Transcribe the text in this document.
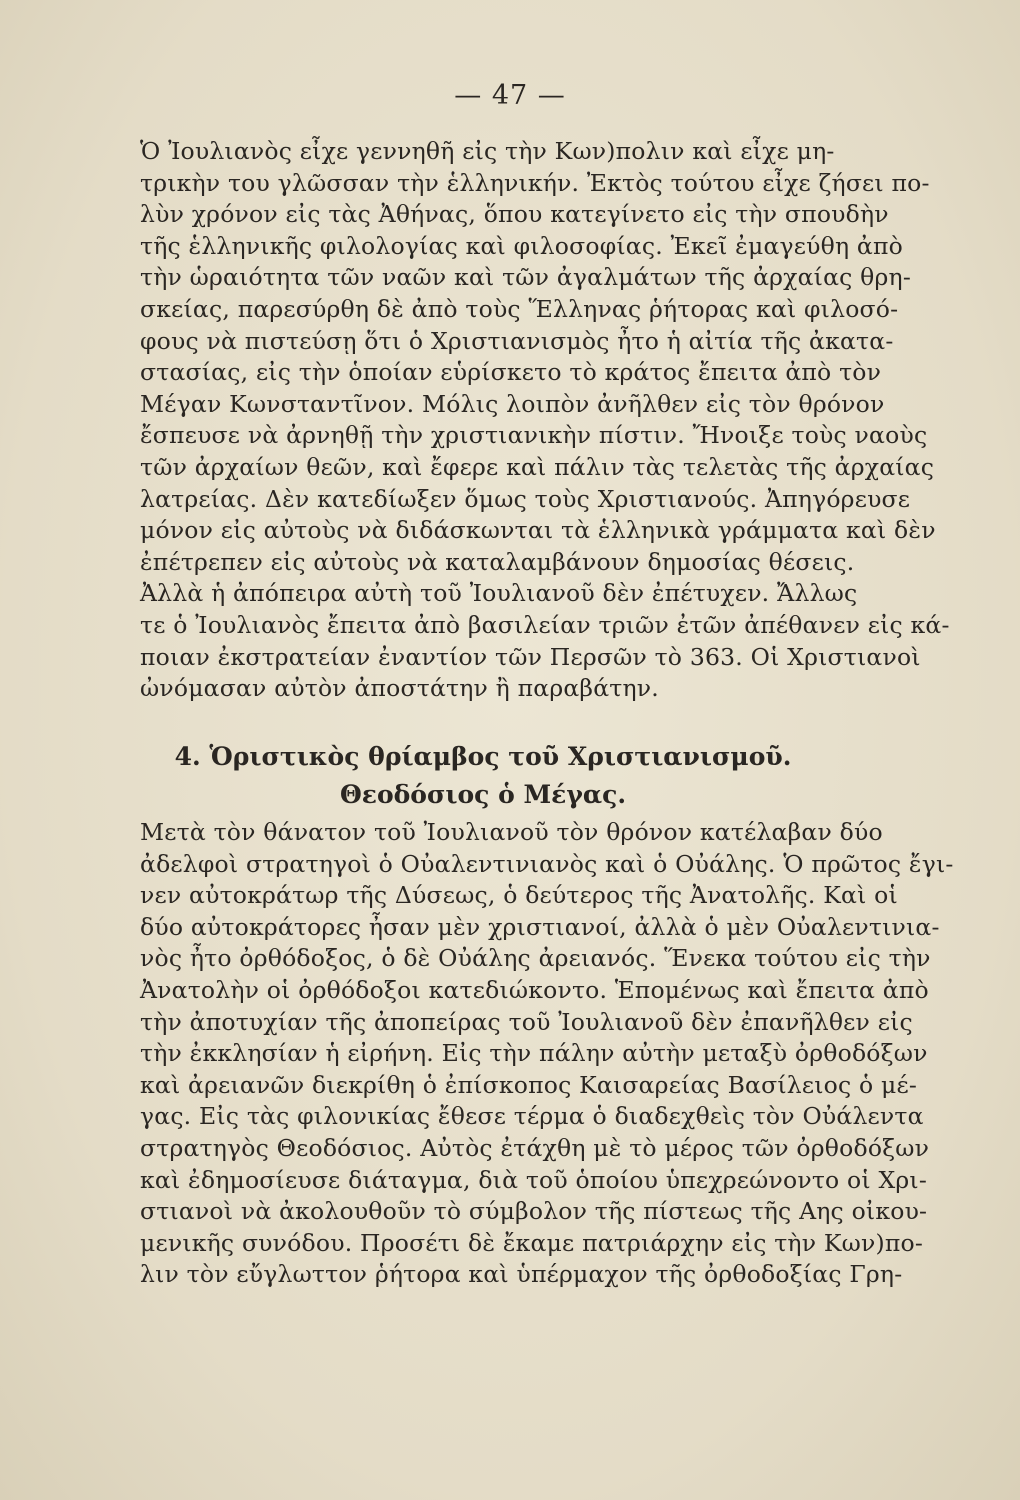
— 47 —
Ὁ Ἰουλιανὸς εἶχε γεννηθῆ εἰς τὴν Κων)πολιν καὶ εἶχε μη-
τρικὴν του γλῶσσαν τὴν ἑλληνικήν. Ἐκτὸς τούτου εἶχε ζήσει πο-
λὺν χρόνον εἰς τὰς Ἀθήνας, ὅπου κατεγίνετο εἰς τὴν σπουδὴν
τῆς ἑλληνικῆς φιλολογίας καὶ φιλοσοφίας. Ἐκεῖ ἐμαγεύθη ἀπὸ
τὴν ὡραιότητα τῶν ναῶν καὶ τῶν ἀγαλμάτων τῆς ἀρχαίας θρη-
σκείας, παρεσύρθη δὲ ἀπὸ τοὺς Ἕλληνας ῥήτορας καὶ φιλοσό-
φους νὰ πιστεύσῃ ὅτι ὁ Χριστιανισμὸς ἦτο ἡ αἰτία τῆς ἀκατα-
στασίας, εἰς τὴν ὁποίαν εὑρίσκετο τὸ κράτος ἔπειτα ἀπὸ τὸν
Μέγαν Κωνσταντῖνον. Μόλις λοιπὸν ἀνῆλθεν εἰς τὸν θρόνον
ἔσπευσε νὰ ἀρνηθῇ τὴν χριστιανικὴν πίστιν. Ἤνοιξε τοὺς ναοὺς
τῶν ἀρχαίων θεῶν, καὶ ἔφερε καὶ πάλιν τὰς τελετὰς τῆς ἀρχαίας
λατρείας. Δὲν κατεδίωξεν ὅμως τοὺς Χριστιανούς. Ἀπηγόρευσε
μόνον εἰς αὐτοὺς νὰ διδάσκωνται τὰ ἑλληνικὰ γράμματα καὶ δὲν
ἐπέτρεπεν εἰς αὐτοὺς νὰ καταλαμβάνουν δημοσίας θέσεις.
Ἀλλὰ ἡ ἀπόπειρα αὐτὴ τοῦ Ἰουλιανοῦ δὲν ἐπέτυχεν. Ἄλλως
τε ὁ Ἰουλιανὸς ἔπειτα ἀπὸ βασιλείαν τριῶν ἐτῶν ἀπέθανεν εἰς κά-
ποιαν ἐκστρατείαν ἐναντίον τῶν Περσῶν τὸ 363. Οἱ Χριστιανοὶ
ὠνόμασαν αὐτὸν ἀποστάτην ἢ παραβάτην.
4. Ὁριστικὸς θρίαμβος τοῦ Χριστιανισμοῦ.
Θεοδόσιος ὁ Μέγας.
Μετὰ τὸν θάνατον τοῦ Ἰουλιανοῦ τὸν θρόνον κατέλαβαν δύο
ἀδελφοὶ στρατηγοὶ ὁ Οὐαλεντινιανὸς καὶ ὁ Οὐάλης. Ὁ πρῶτος ἔγι-
νεν αὐτοκράτωρ τῆς Δύσεως, ὁ δεύτερος τῆς Ἀνατολῆς. Καὶ οἱ
δύο αὐτοκράτορες ἦσαν μὲν χριστιανοί, ἀλλὰ ὁ μὲν Οὐαλεντινια-
νὸς ἦτο ὀρθόδοξος, ὁ δὲ Οὐάλης ἀρειανός. Ἕνεκα τούτου εἰς τὴν
Ἀνατολὴν οἱ ὀρθόδοξοι κατεδιώκοντο. Ἑπομένως καὶ ἔπειτα ἀπὸ
τὴν ἀποτυχίαν τῆς ἀποπείρας τοῦ Ἰουλιανοῦ δὲν ἐπανῆλθεν εἰς
τὴν ἐκκλησίαν ἡ εἰρήνη. Εἰς τὴν πάλην αὐτὴν μεταξὺ ὀρθοδόξων
καὶ ἀρειανῶν διεκρίθη ὁ ἐπίσκοπος Καισαρείας Βασίλειος ὁ μέ-
γας. Εἰς τὰς φιλονικίας ἔθεσε τέρμα ὁ διαδεχθεὶς τὸν Οὐάλεντα
στρατηγὸς Θεοδόσιος. Αὐτὸς ἐτάχθη μὲ τὸ μέρος τῶν ὀρθοδόξων
καὶ ἐδημοσίευσε διάταγμα, διὰ τοῦ ὁποίου ὑπεχρεώνοντο οἱ Χρι-
στιανοὶ νὰ ἀκολουθοῦν τὸ σύμβολον τῆς πίστεως τῆς Αης οἰκου-
μενικῆς συνόδου. Προσέτι δὲ ἔκαμε πατριάρχην εἰς τὴν Κων)πο-
λιν τὸν εὔγλωττον ῥήτορα καὶ ὑπέρμαχον τῆς ὀρθοδοξίας Γρη-
